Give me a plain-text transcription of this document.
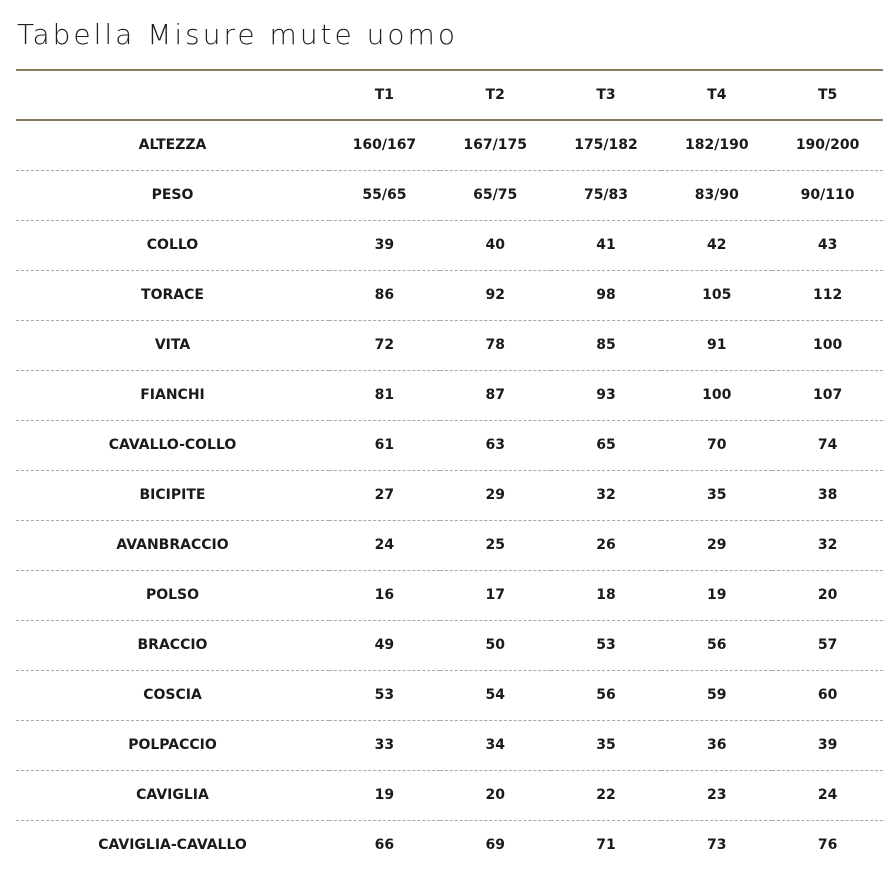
Tabella Misure mute uomo
	T1	T2	T3	T4	T5
ALTEZZA	160/167	167/175	175/182	182/190	190/200
PESO	55/65	65/75	75/83	83/90	90/110
COLLO	39	40	41	42	43
TORACE	86	92	98	105	112
VITA	72	78	85	91	100
FIANCHI	81	87	93	100	107
CAVALLO-COLLO	61	63	65	70	74
BICIPITE	27	29	32	35	38
AVANBRACCIO	24	25	26	29	32
POLSO	16	17	18	19	20
BRACCIO	49	50	53	56	57
COSCIA	53	54	56	59	60
POLPACCIO	33	34	35	36	39
CAVIGLIA	19	20	22	23	24
CAVIGLIA-CAVALLO	66	69	71	73	76
